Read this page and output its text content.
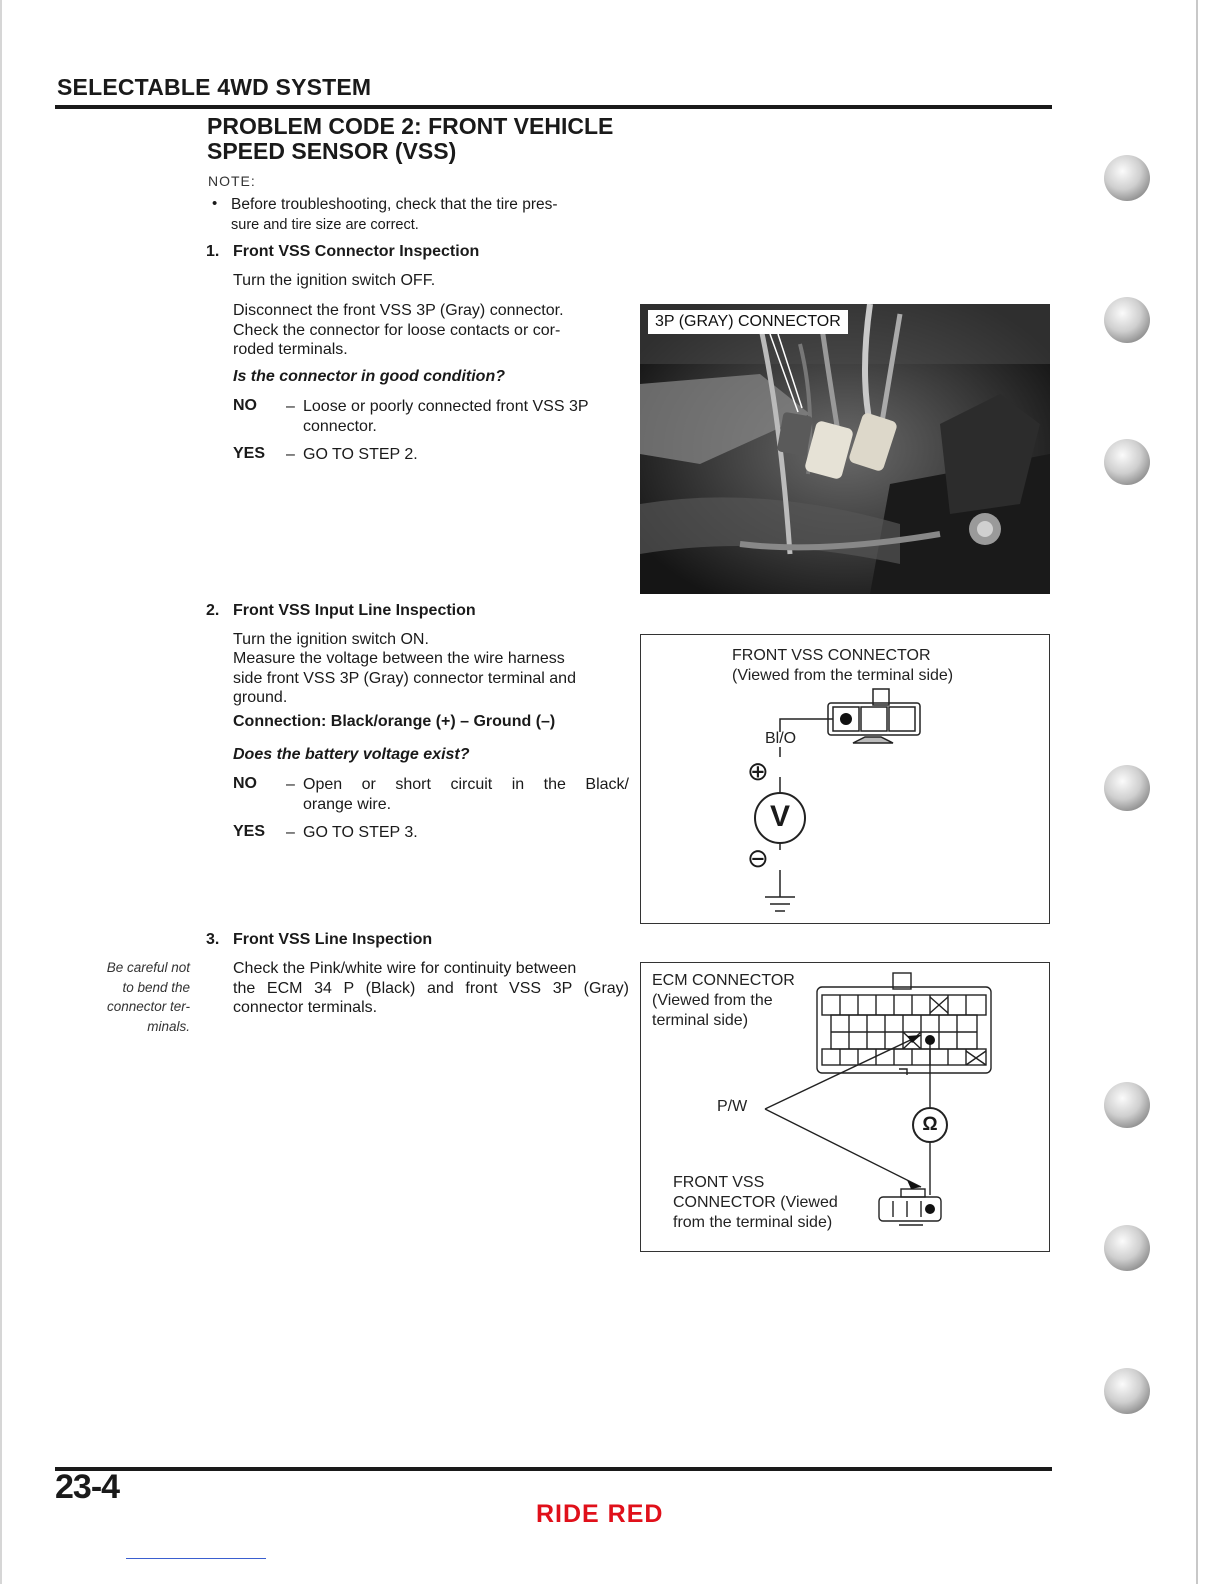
SELECTABLE 4WD SYSTEM
PROBLEM CODE 2: FRONT VEHICLE
SPEED SENSOR (VSS)
NOTE:
• Before troubleshooting, check that the tire pres-
sure and tire size are correct.
1. Front VSS Connector Inspection
Turn the ignition switch OFF.
Disconnect the front VSS 3P (Gray) connector.
Check the connector for loose contacts or cor-
roded terminals.
Is the connector in good condition?
NO – Loose or poorly connected front VSS 3P
connector.
YES – GO TO STEP 2.
3P (GRAY) CONNECTOR
2. Front VSS Input Line Inspection
Turn the ignition switch ON.
Measure the voltage between the wire harness
side front VSS 3P (Gray) connector terminal and
ground.
Connection: Black/orange (+) – Ground (–)
Does the battery voltage exist?
NO – Open or short circuit in the Black/
orange wire.
YES – GO TO STEP 3.
FRONT VSS CONNECTOR
(Viewed from the terminal side)
Bl/O
⊕
V
⊖
3. Front VSS Line Inspection
Check the Pink/white wire for continuity between
the ECM 34 P (Black) and front VSS 3P (Gray)
connector terminals.
Be careful not
to bend the
connector ter-
minals.
ECM CONNECTOR
(Viewed from the
terminal side)
P/W
Ω
FRONT VSS
CONNECTOR (Viewed
from the terminal side)
23-4
RIDE RED
